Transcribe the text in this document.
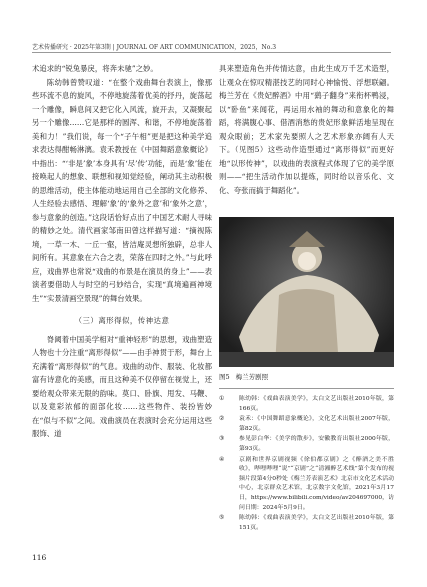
艺术传播研究 · 2025年第3期 | JOURNAL OF ART COMMUNICATION，2025，No.3

术追求的“锐兔暴戾，将奔未驰”之妙。

陈幼韩曾赞叹道：“在整个戏曲舞台表演上，像那些环流不息的旋风，不停地旋荡着优美的抒丹，旋荡起一个雕像，瞬息间又把它化入风流，旋开去，又凝聚起另一个雕像……它是那样的圆浑、和谐，不停地旋荡着美和力！”我们说，每一个“子午相”更是把这种美学追求表达得酣畅淋漓。袁禾教授在《中国舞蹈意象概论》中指出：“‘非是’象’本身具有‘尽’传’功能，而是‘象’能在接唤起人的想象、联想和视知觉经验，阐动其主动积极的思维活动，使主体能动地运用自己全部的文化修养、人生经验去感悟、理解‘象’的‘象外之意’和‘象外之意’，参与意象的创造。”这段话恰好点出了中国艺术耐人寻味的精妙之处。清代画家邹南田曾这样描写道：“摘视陈境，一草一木、一丘一壑，皆洁庵灵想所独辟，总非人间所有。其意象在六合之表，荣落在四时之外。”与此呼应，戏曲界也常说“戏曲的布景是在演员的身上”——表演者要借助人与时空的弓妙结合，实现“真境遍画神境生”“实景清画空景现”的舞台效果。

（三）离形得似，传神达意

脊阈着中国美学相对“重神轻形”的思想，戏曲塑造人物也十分注重“离形得似”——由手神贯于形，舞台上充满着“离形得似”的气息。戏曲的动作、服装、化妆都富有诗意化的美感，而且这种美不仅停留在视觉上，还要给观众带来无限的韵味。莫口、卧旗、甩发、马鞭、以及竟彩浓郁的面部化妆……这些物件、装扮皆妙在“似与不似”之间。戏曲演员在表演时会充分运用这些服饰、道

具来塑造角色并传情达意，由此生成万千艺术造型，让观众在惊叹精湛技艺的同时心神愉悦、浮想联翩。梅兰芳在《贵妃醉酒》中用“鹞子翻身”来衔杯鸭浸，以“卧鱼”来闻花，再运用水袖的舞动和意象化的舞蹈，将满腹心事、借酒消愁的贵妃形象鲜活地呈现在观众眼前；艺术家先要照人之艺术形象亦阔有人天下。（见图5）这些动作造型通过“离形得似”而更好地“以形传神”，以戏曲的表演程式体现了它的美学原则——“把生活动作加以提炼，同时给以音乐化、文化、夸张而搞于舞蹈化”。

图5 梅兰芳剧照
①	陈幼韩：《戏曲表演美学》，太白文艺出版社2010年版，第166页。
②	袁禾：《中国舞蹈意象概论》，文化艺术出版社2007年版，第82页。
③	参见彭白华：《美学的散步》，安徽教育出版社2000年版，第93页。
④	京剧和世界京剧视频《徐伯都京剧》之《醉酒之美不胜收》，哔哩哔哩“说”“京剧”之“清湘醉艺术线”第个发布的视频片段第4分0秒处《梅兰芳表演艺术》北京市文化艺术活动中心，北京群众艺术馆，北京数字文化馆，2021年3月17日，https://www.bilibili.com/video/av204697000，访问日期：2024年5月9日。
⑤	陈幼韩：《戏曲表演美学》，太白文艺出版社2010年版，第151页。
116
